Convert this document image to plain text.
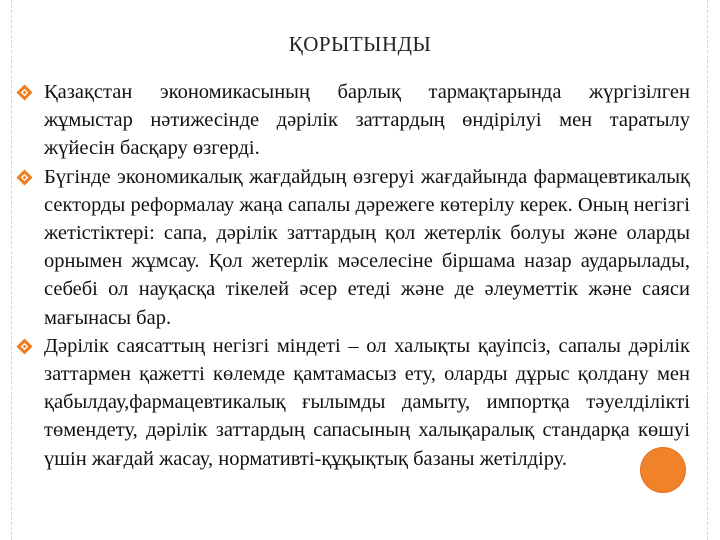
ҚОРЫТЫНДЫ

Қазақстан экономикасының барлық тармақтарында жүргізілген жұмыстар нәтижесінде дәрілік заттардың өндірілуі мен таратылу жүйесін басқару өзгерді.

Бүгінде экономикалық жағдайдың өзгеруі жағдайында фармацевтикалық секторды реформалау жаңа сапалы дәрежеге көтерілу керек. Оның негізгі жетістіктері: сапа, дәрілік заттардың қол жетерлік болуы және оларды орнымен жұмсау. Қол жетерлік мәселесіне біршама назар аударылады, себебі ол науқасқа тікелей әсер етеді және де әлеуметтік және саяси мағынасы бар.

Дәрілік саясаттың негізгі міндеті – ол халықты қауіпсіз, сапалы дәрілік заттармен қажетті көлемде қамтамасыз ету, оларды дұрыс қолдану мен қабылдау,фармацевтикалық ғылымды дамыту, импортқа тәуелділікті төмендету, дәрілік заттардың сапасының халықаралық стандарқа көшуі үшін жағдай жасау, нормативті-құқықтық базаны жетілдіру.
